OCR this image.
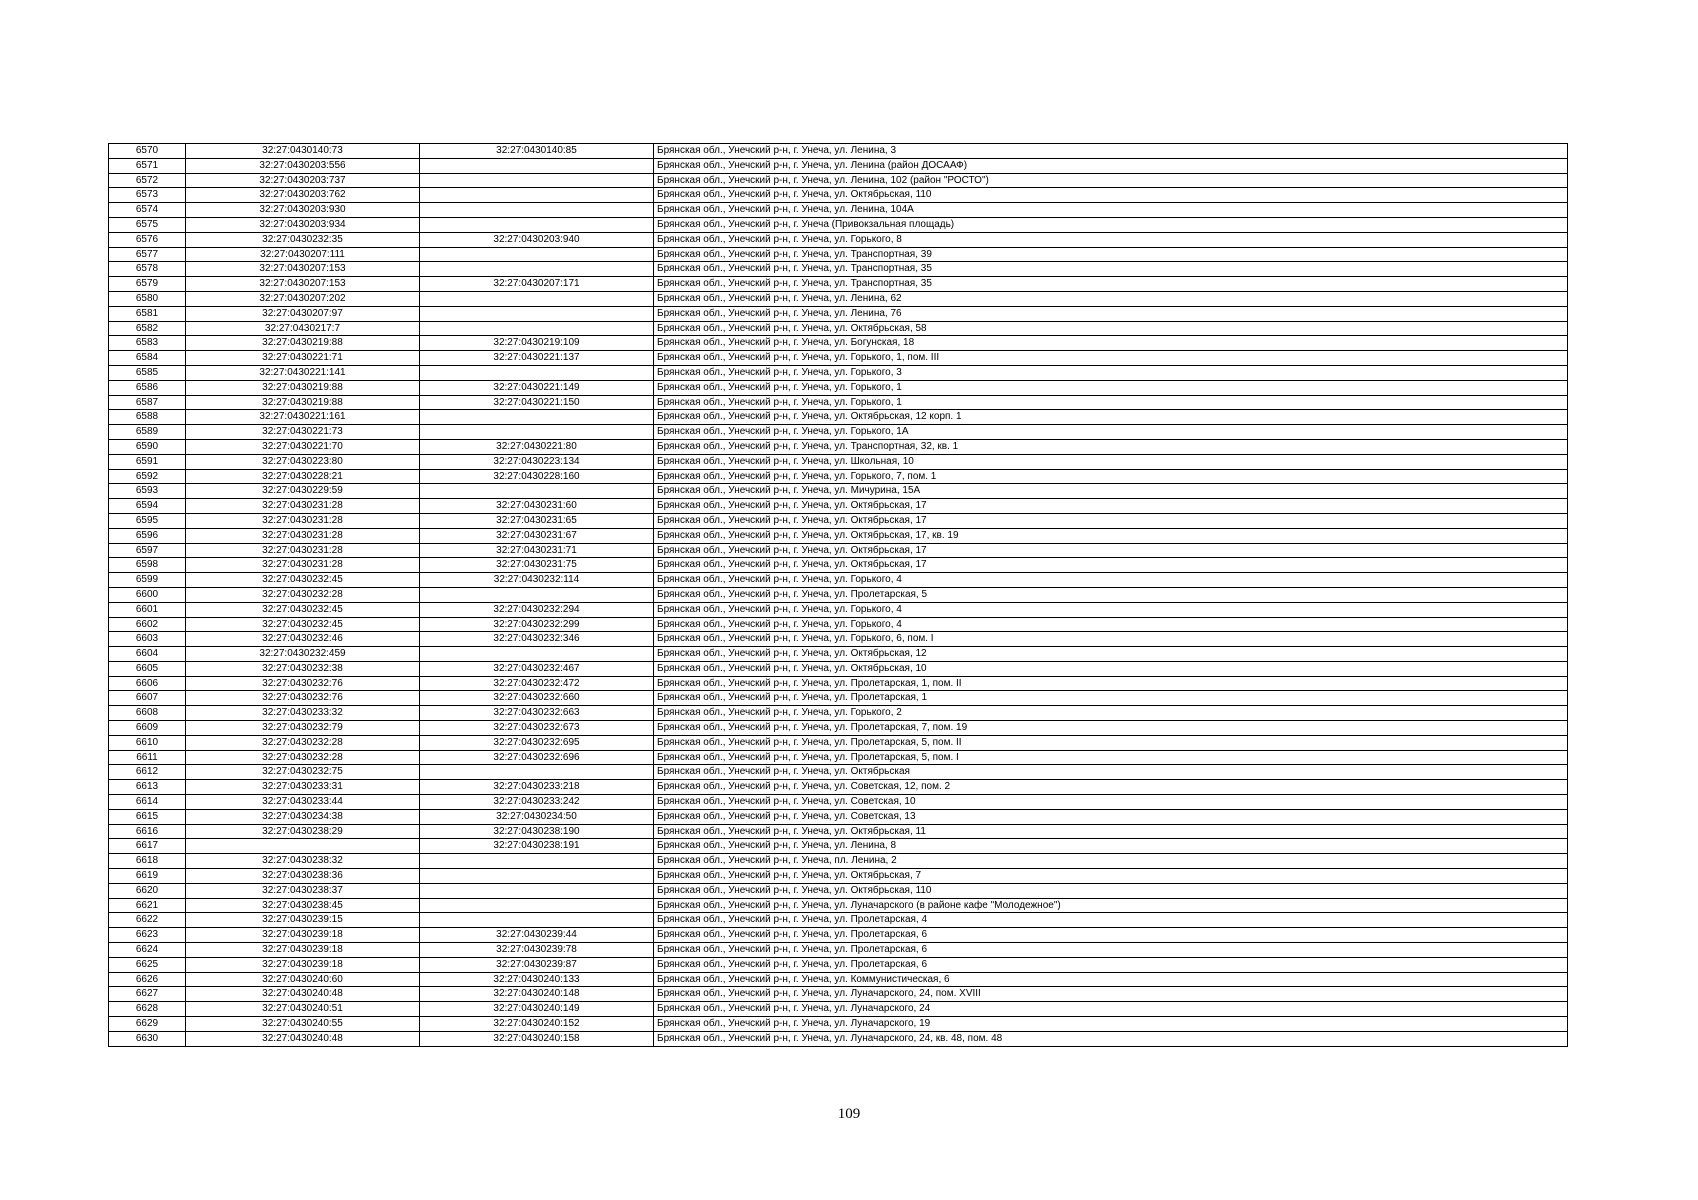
6570	32:27:0430140:73	32:27:0430140:85	Брянская обл., Унечский р-н, г. Унеча, ул. Ленина, 3
6571	32:27:0430203:556		Брянская обл., Унечский р-н, г. Унеча, ул. Ленина (район ДОСААФ)
6572	32:27:0430203:737		Брянская обл., Унечский р-н, г. Унеча, ул. Ленина, 102 (район "РОСТО")
6573	32:27:0430203:762		Брянская обл., Унечский р-н, г. Унеча, ул. Октябрьская, 110
6574	32:27:0430203:930		Брянская обл., Унечский р-н, г. Унеча, ул. Ленина, 104А
6575	32:27:0430203:934		Брянская обл., Унечский р-н, г. Унеча (Привокзальная площадь)
6576	32:27:0430232:35	32:27:0430203:940	Брянская обл., Унечский р-н, г. Унеча, ул. Горького, 8
6577	32:27:0430207:111		Брянская обл., Унечский р-н, г. Унеча, ул. Транспортная, 39
6578	32:27:0430207:153		Брянская обл., Унечский р-н, г. Унеча, ул. Транспортная, 35
6579	32:27:0430207:153	32:27:0430207:171	Брянская обл., Унечский р-н, г. Унеча, ул. Транспортная, 35
6580	32:27:0430207:202		Брянская обл., Унечский р-н, г. Унеча, ул. Ленина, 62
6581	32:27:0430207:97		Брянская обл., Унечский р-н, г. Унеча, ул. Ленина, 76
6582	32:27:0430217:7		Брянская обл., Унечский р-н, г. Унеча, ул. Октябрьская, 58
6583	32:27:0430219:88	32:27:0430219:109	Брянская обл., Унечский р-н, г. Унеча, ул. Богунская, 18
6584	32:27:0430221:71	32:27:0430221:137	Брянская обл., Унечский р-н, г. Унеча, ул. Горького, 1, пом. III
6585	32:27:0430221:141		Брянская обл., Унечский р-н, г. Унеча, ул. Горького, 3
6586	32:27:0430219:88	32:27:0430221:149	Брянская обл., Унечский р-н, г. Унеча, ул. Горького, 1
6587	32:27:0430219:88	32:27:0430221:150	Брянская обл., Унечский р-н, г. Унеча, ул. Горького, 1
6588	32:27:0430221:161		Брянская обл., Унечский р-н, г. Унеча, ул. Октябрьская, 12 корп. 1
6589	32:27:0430221:73		Брянская обл., Унечский р-н, г. Унеча, ул. Горького, 1А
6590	32:27:0430221:70	32:27:0430221:80	Брянская обл., Унечский р-н, г. Унеча, ул. Транспортная, 32, кв. 1
6591	32:27:0430223:80	32:27:0430223:134	Брянская обл., Унечский р-н, г. Унеча, ул. Школьная, 10
6592	32:27:0430228:21	32:27:0430228:160	Брянская обл., Унечский р-н, г. Унеча, ул. Горького, 7, пом. 1
6593	32:27:0430229:59		Брянская обл., Унечский р-н, г. Унеча, ул. Мичурина, 15А
6594	32:27:0430231:28	32:27:0430231:60	Брянская обл., Унечский р-н, г. Унеча, ул. Октябрьская, 17
6595	32:27:0430231:28	32:27:0430231:65	Брянская обл., Унечский р-н, г. Унеча, ул. Октябрьская, 17
6596	32:27:0430231:28	32:27:0430231:67	Брянская обл., Унечский р-н, г. Унеча, ул. Октябрьская, 17, кв. 19
6597	32:27:0430231:28	32:27:0430231:71	Брянская обл., Унечский р-н, г. Унеча, ул. Октябрьская, 17
6598	32:27:0430231:28	32:27:0430231:75	Брянская обл., Унечский р-н, г. Унеча, ул. Октябрьская, 17
6599	32:27:0430232:45	32:27:0430232:114	Брянская обл., Унечский р-н, г. Унеча, ул. Горького, 4
6600	32:27:0430232:28		Брянская обл., Унечский р-н, г. Унеча, ул. Пролетарская, 5
6601	32:27:0430232:45	32:27:0430232:294	Брянская обл., Унечский р-н, г. Унеча, ул. Горького, 4
6602	32:27:0430232:45	32:27:0430232:299	Брянская обл., Унечский р-н, г. Унеча, ул. Горького, 4
6603	32:27:0430232:46	32:27:0430232:346	Брянская обл., Унечский р-н, г. Унеча, ул. Горького, 6, пом. I
6604	32:27:0430232:459		Брянская обл., Унечский р-н, г. Унеча, ул. Октябрьская, 12
6605	32:27:0430232:38	32:27:0430232:467	Брянская обл., Унечский р-н, г. Унеча, ул. Октябрьская, 10
6606	32:27:0430232:76	32:27:0430232:472	Брянская обл., Унечский р-н, г. Унеча, ул. Пролетарская, 1, пом. II
6607	32:27:0430232:76	32:27:0430232:660	Брянская обл., Унечский р-н, г. Унеча, ул. Пролетарская, 1
6608	32:27:0430233:32	32:27:0430232:663	Брянская обл., Унечский р-н, г. Унеча, ул. Горького, 2
6609	32:27:0430232:79	32:27:0430232:673	Брянская обл., Унечский р-н, г. Унеча, ул. Пролетарская, 7, пом. 19
6610	32:27:0430232:28	32:27:0430232:695	Брянская обл., Унечский р-н, г. Унеча, ул. Пролетарская, 5, пом. II
6611	32:27:0430232:28	32:27:0430232:696	Брянская обл., Унечский р-н, г. Унеча, ул. Пролетарская, 5, пом. I
6612	32:27:0430232:75		Брянская обл., Унечский р-н, г. Унеча, ул. Октябрьская
6613	32:27:0430233:31	32:27:0430233:218	Брянская обл., Унечский р-н, г. Унеча, ул. Советская, 12, пом. 2
6614	32:27:0430233:44	32:27:0430233:242	Брянская обл., Унечский р-н, г. Унеча, ул. Советская, 10
6615	32:27:0430234:38	32:27:0430234:50	Брянская обл., Унечский р-н, г. Унеча, ул. Советская, 13
6616	32:27:0430238:29	32:27:0430238:190	Брянская обл., Унечский р-н, г. Унеча, ул. Октябрьская, 11
6617		32:27:0430238:191	Брянская обл., Унечский р-н, г. Унеча, ул. Ленина, 8
6618	32:27:0430238:32		Брянская обл., Унечский р-н, г. Унеча, пл. Ленина, 2
6619	32:27:0430238:36		Брянская обл., Унечский р-н, г. Унеча, ул. Октябрьская, 7
6620	32:27:0430238:37		Брянская обл., Унечский р-н, г. Унеча, ул. Октябрьская, 110
6621	32:27:0430238:45		Брянская обл., Унечский р-н, г. Унеча, ул. Луначарского (в районе кафе "Молодежное")
6622	32:27:0430239:15		Брянская обл., Унечский р-н, г. Унеча, ул. Пролетарская, 4
6623	32:27:0430239:18	32:27:0430239:44	Брянская обл., Унечский р-н, г. Унеча, ул. Пролетарская, 6
6624	32:27:0430239:18	32:27:0430239:78	Брянская обл., Унечский р-н, г. Унеча, ул. Пролетарская, 6
6625	32:27:0430239:18	32:27:0430239:87	Брянская обл., Унечский р-н, г. Унеча, ул. Пролетарская, 6
6626	32:27:0430240:60	32:27:0430240:133	Брянская обл., Унечский р-н, г. Унеча, ул. Коммунистическая, 6
6627	32:27:0430240:48	32:27:0430240:148	Брянская обл., Унечский р-н, г. Унеча, ул. Луначарского, 24, пом. XVIII
6628	32:27:0430240:51	32:27:0430240:149	Брянская обл., Унечский р-н, г. Унеча, ул. Луначарского, 24
6629	32:27:0430240:55	32:27:0430240:152	Брянская обл., Унечский р-н, г. Унеча, ул. Луначарского, 19
6630	32:27:0430240:48	32:27:0430240:158	Брянская обл., Унечский р-н, г. Унеча, ул. Луначарского, 24, кв. 48, пом. 48
109
